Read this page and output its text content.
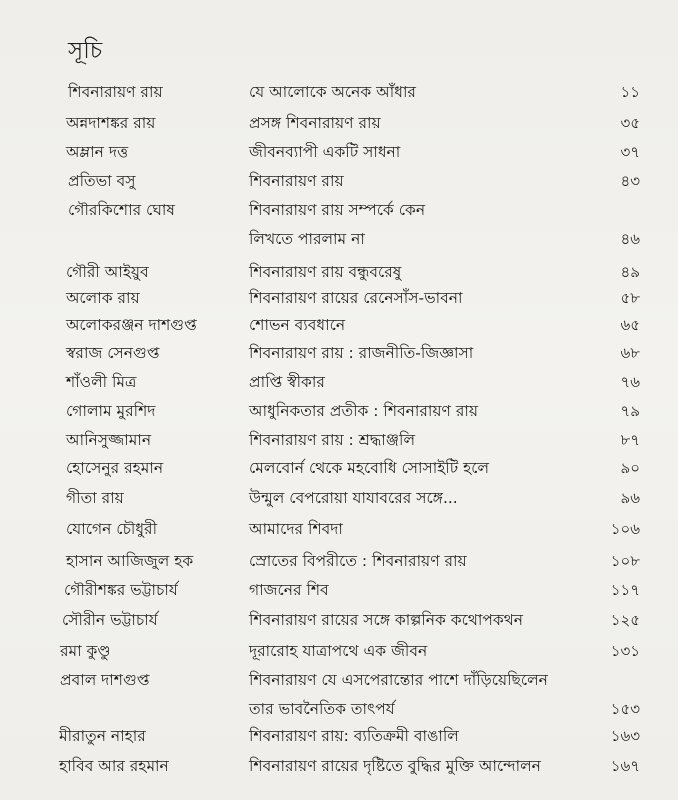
সূচি
শিবনারায়ণ রায়	যে আলোকে অনেক আঁধার	১১
অন্নদাশঙ্কর রায়	প্রসঙ্গ শিবনারায়ণ রায়	৩৫
অম্লান দত্ত	জীবনব্যাপী একটি সাধনা	৩৭
প্রতিভা বসু	শিবনারায়ণ রায়	৪৩
গৌরকিশোর ঘোষ	শিবনারায়ণ রায় সম্পর্কে কেন
লিখতে পারলাম না	৪৬
গৌরী আইয়ুব	শিবনারায়ণ রায় বন্ধুবরেষু	৪৯
অলোক রায়	শিবনারায়ণ রায়ের রেনেসাঁস-ভাবনা	৫৮
অলোকরঞ্জন দাশগুপ্ত	শোভন ব্যবধানে	৬৫
স্বরাজ সেনগুপ্ত	শিবনারায়ণ রায় : রাজনীতি-জিজ্ঞাসা	৬৮
শাঁওলী মিত্র	প্রাপ্তি স্বীকার	৭৬
গোলাম মুরশিদ	আধুনিকতার প্রতীক : শিবনারায়ণ রায়	৭৯
আনিসুজ্জামান	শিবনারায়ণ রায় : শ্রদ্ধাঞ্জলি	৮৭
হোসেনুর রহমান	মেলবোর্ন থেকে মহবোধি সোসাইটি হলে	৯০
গীতা রায়	উন্মুল বেপরোয়া যাযাবরের সঙ্গে...	৯৬
যোগেন চৌধুরী	আমাদের শিবদা	১০৬
হাসান আজিজুল হক	স্রোতের বিপরীতে : শিবনারায়ণ রায়	১০৮
গৌরীশঙ্কর ভট্টাচার্য	গাজনের শিব	১১৭
সৌরীন ভট্টাচার্য	শিবনারায়ণ রায়ের সঙ্গে কাল্পনিক কথোপকথন	১২৫
রমা কুণ্ডু	দূরারোহ যাত্রাপথে এক জীবন	১৩১
প্রবাল দাশগুপ্ত	শিবনারায়ণ যে এসপেরান্তোর পাশে দাঁড়িয়েছিলেন
তার ভাবনৈতিক তাৎপর্য	১৫৩
মীরাতুন নাহার	শিবনারায়ণ রায়: ব্যতিক্রমী বাঙালি	১৬৩
হাবিব আর রহমান	শিবনারায়ণ রায়ের দৃষ্টিতে বুদ্ধির মুক্তি আন্দোলন	১৬৭
